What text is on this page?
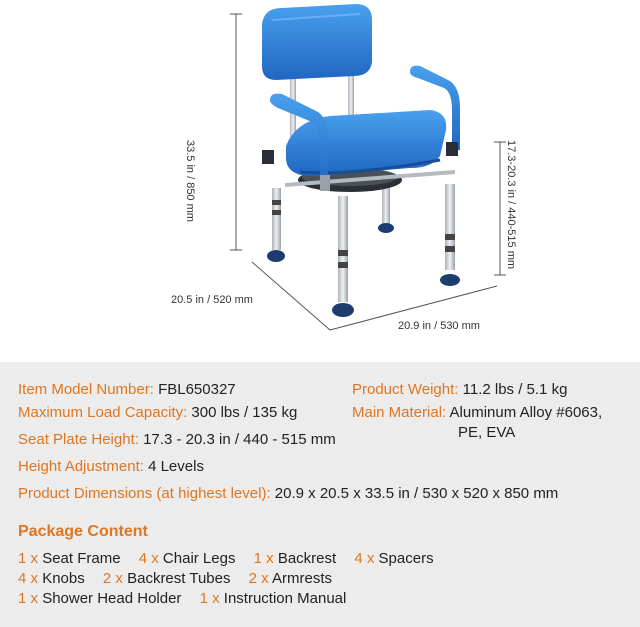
33.5 in / 850 mm	17.3-20.3 in / 440-515 mm
20.5 in / 520 mm
20.9 in / 530 mm
Item Model Number: FBL650327	Product Weight: 11.2 lbs / 5.1 kg
Maximum Load Capacity: 300 lbs / 135 kg	Main Material: Aluminum Alloy #6063,
PE, EVA
Seat Plate Height: 17.3 - 20.3 in / 440 - 515 mm
Height Adjustment: 4 Levels
Product Dimensions (at highest level): 20.9 x 20.5 x 33.5 in / 530 x 520 x 850 mm
Package Content
1 x Seat Frame 4 x Chair Legs 1 x Backrest 4 x Spacers
4 x Knobs 2 x Backrest Tubes 2 x Armrests
1 x Shower Head Holder 1 x Instruction Manual
